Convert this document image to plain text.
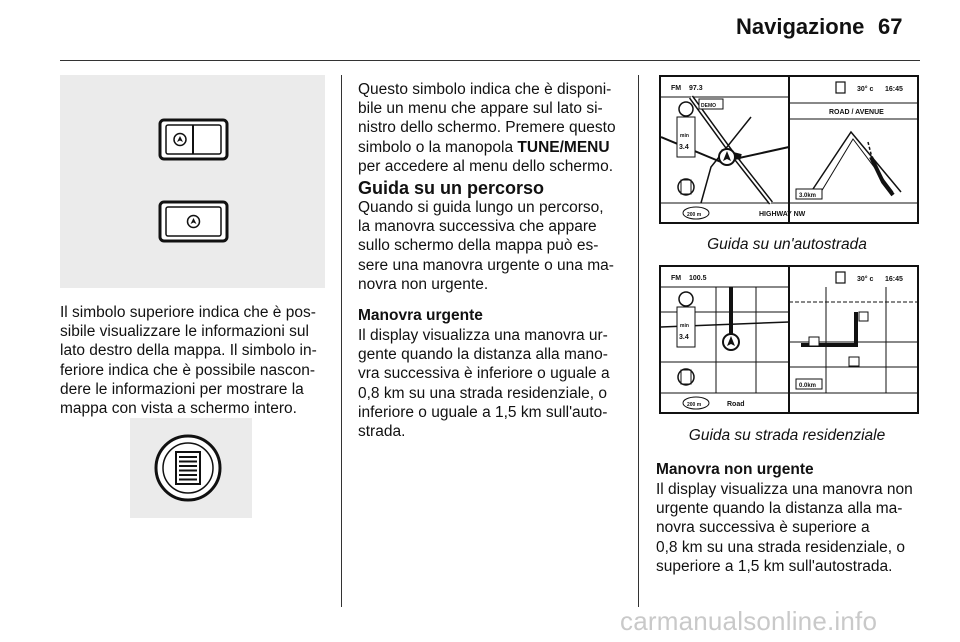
Navigazione 67

Il simbolo superiore indica che è pos-
sibile visualizzare le informazioni sul
lato destro della mappa. Il simbolo in-
feriore indica che è possibile nascon-
dere le informazioni per mostrare la
mappa con vista a schermo intero.

Questo simbolo indica che è disponi-
bile un menu che appare sul lato si-
nistro dello schermo. Premere questo
simbolo o la manopola TUNE/MENU
per accedere al menu dello schermo.

Guida su un percorso

Quando si guida lungo un percorso,
la manovra successiva che appare
sullo schermo della mappa può es-
sere una manovra urgente o una ma-
novra non urgente.

Manovra urgente

Il display visualizza una manovra ur-
gente quando la distanza alla mano-
vra successiva è inferiore o uguale a
0,8 km su una strada residenziale, o
inferiore o uguale a 1,5 km sull'auto-
strada.

FM 97.3	30° c 16:45
ROAD / AVENUE
DEMO
3.4
min
3.0km
HIGHWAY NW
200 m

Guida su un'autostrada

FM 100.5	30° c 16:45
3.4
min
0.0km
Road
200 m

Guida su strada residenziale

Manovra non urgente

Il display visualizza una manovra non
urgente quando la distanza alla ma-
novra successiva è superiore a
0,8 km su una strada residenziale, o
superiore a 1,5 km sull'autostrada.

carmanualsonline.info
